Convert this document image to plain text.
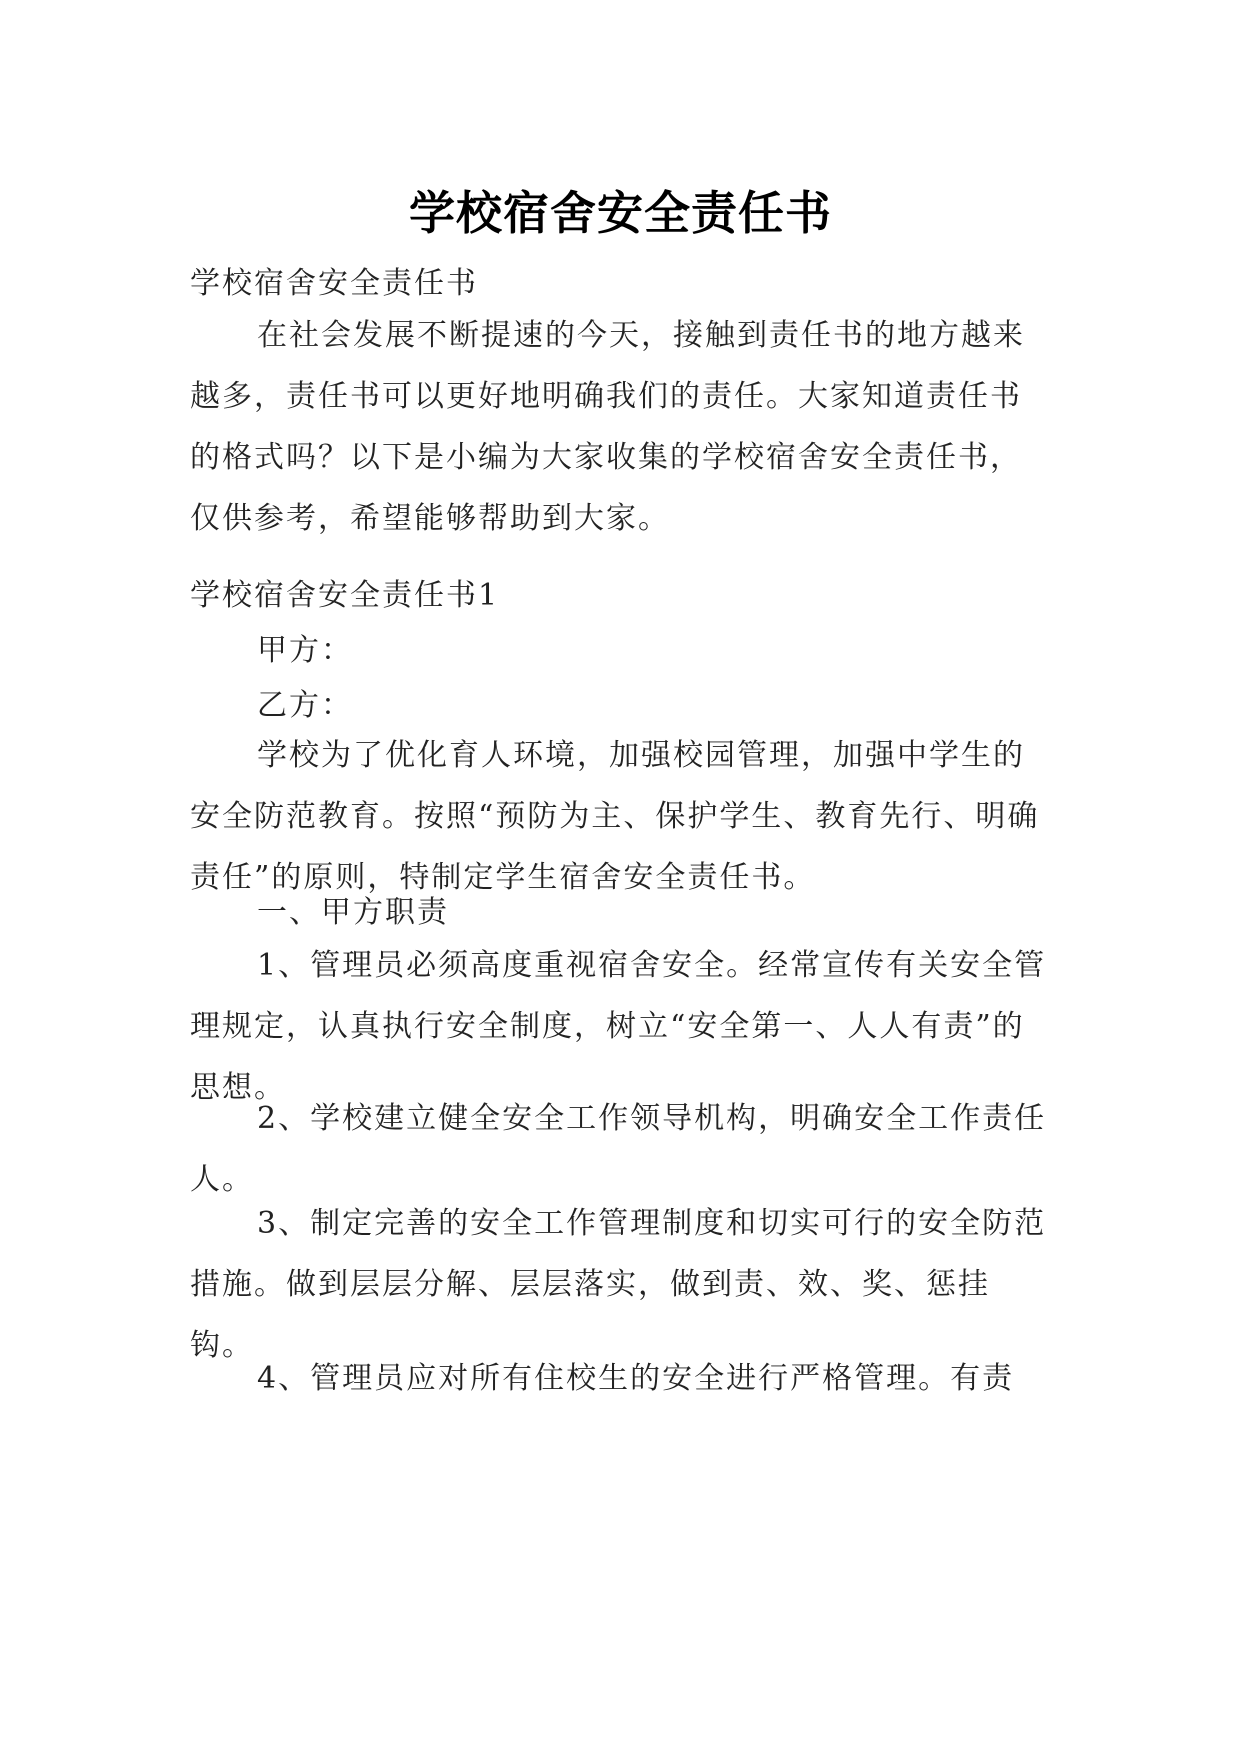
学校宿舍安全责任书

学校宿舍安全责任书

在社会发展不断提速的今天，接触到责任书的地方越来越多，责任书可以更好地明确我们的责任。大家知道责任书的格式吗？以下是小编为大家收集的学校宿舍安全责任书，仅供参考，希望能够帮助到大家。

学校宿舍安全责任书1

甲方：

乙方：

学校为了优化育人环境，加强校园管理，加强中学生的安全防范教育。按照“预防为主、保护学生、教育先行、明确责任”的原则，特制定学生宿舍安全责任书。

一、甲方职责

1、管理员必须高度重视宿舍安全。经常宣传有关安全管理规定，认真执行安全制度，树立“安全第一、人人有责”的思想。

2、学校建立健全安全工作领导机构，明确安全工作责任人。

3、制定完善的安全工作管理制度和切实可行的安全防范措施。做到层层分解、层层落实，做到责、效、奖、惩挂钩。

4、管理员应对所有住校生的安全进行严格管理。有责
